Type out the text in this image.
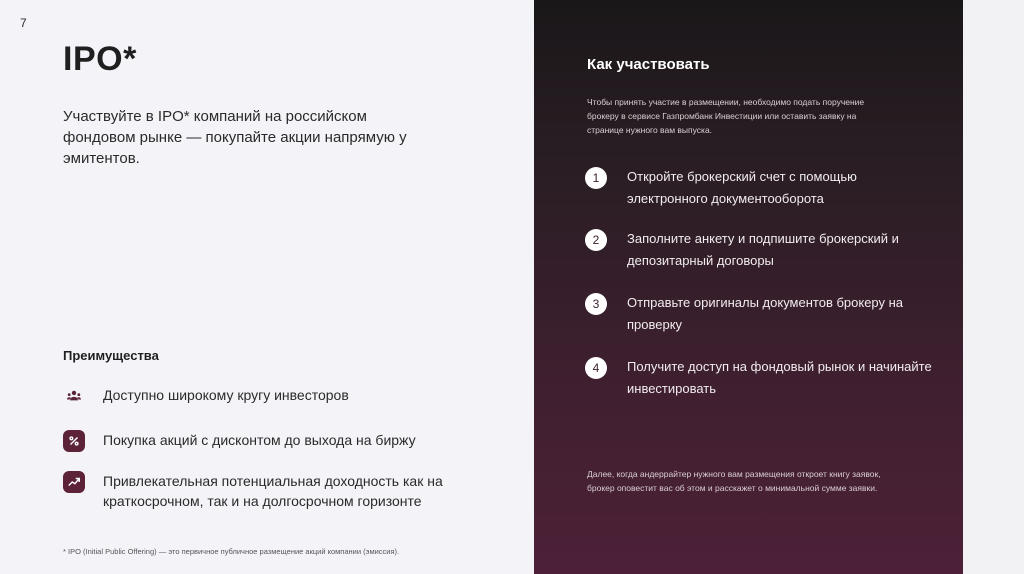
7
IPO*
Участвуйте в IPO* компаний на российском фондовом рынке — покупайте акции напрямую у эмитентов.
Преимущества
Доступно широкому кругу инвесторов
Покупка акций с дисконтом до выхода на биржу
Привлекательная потенциальная доходность как на краткосрочном, так и на долгосрочном горизонте
* IPO (Initial Public Offering) — это первичное публичное размещение акций компании (эмиссия).
Как участвовать
Чтобы принять участие в размещении, необходимо подать поручение брокеру в сервисе Газпромбанк Инвестиции или оставить заявку на странице нужного вам выпуска.
1	Откройте брокерский счет с помощью электронного документооборота
2	Заполните анкету и подпишите брокерский и депозитарный договоры
3	Отправьте оригиналы документов брокеру на проверку
4	Получите доступ на фондовый рынок и начинайте инвестировать
Далее, когда андеррайтер нужного вам размещения откроет книгу заявок, брокер оповестит вас об этом и расскажет о минимальной сумме заявки.
